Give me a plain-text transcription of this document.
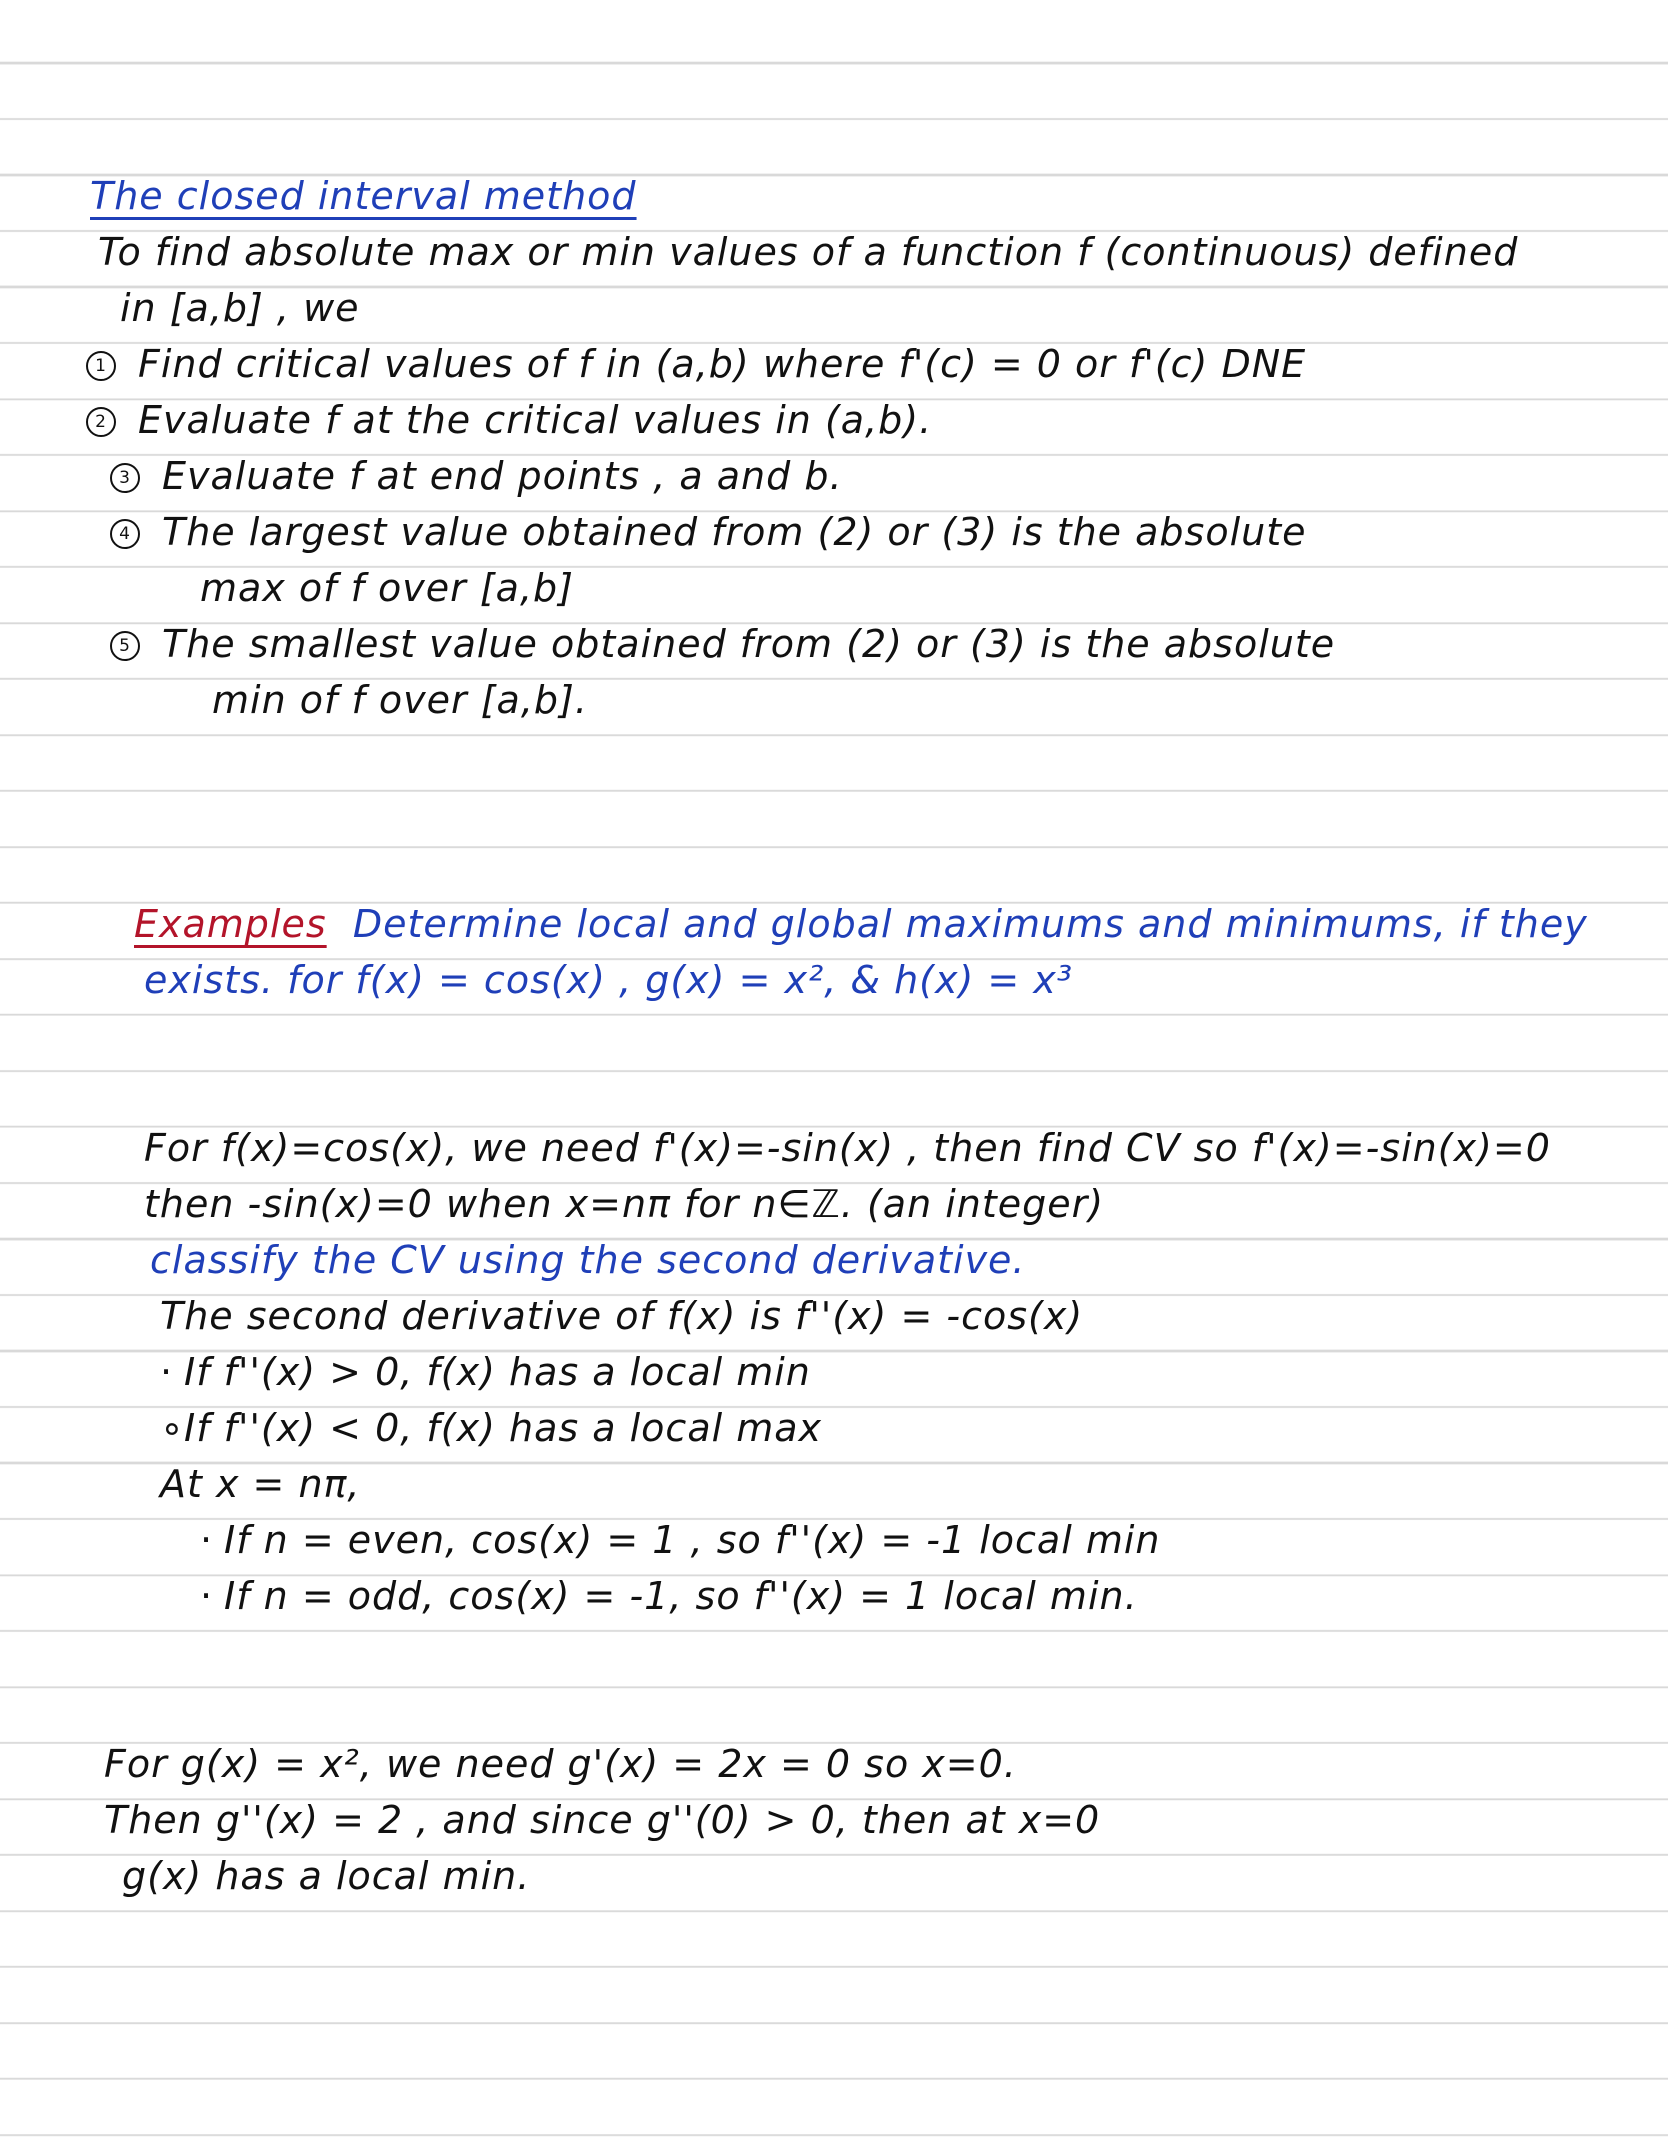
The closed interval method
To find absolute max or min values of a function f (continuous) defined
in [a,b] , we
1 Find critical values of f in (a,b) where f'(c) = 0 or f'(c) DNE
2 Evaluate f at the critical values in (a,b).
3 Evaluate f at end points , a and b.
4 The largest value obtained from (2) or (3) is the absolute
max of f over [a,b]
5 The smallest value obtained from (2) or (3) is the absolute
min of f over [a,b].
Examples Determine local and global maximums and minimums, if they
exists. for f(x) = cos(x) , g(x) = x², & h(x) = x³
For f(x)=cos(x), we need f'(x)=-sin(x) , then find CV so f'(x)=-sin(x)=0
then -sin(x)=0 when x=nπ for n∈ℤ. (an integer)
classify the CV using the second derivative.
The second derivative of f(x) is f''(x) = -cos(x)
· If f''(x) > 0, f(x) has a local min
∘If f''(x) < 0, f(x) has a local max
At x = nπ,
· If n = even, cos(x) = 1 , so f''(x) = -1 local min
· If n = odd, cos(x) = -1, so f''(x) = 1 local min.
For g(x) = x², we need g'(x) = 2x = 0 so x=0.
Then g''(x) = 2 , and since g''(0) > 0, then at x=0
g(x) has a local min.
